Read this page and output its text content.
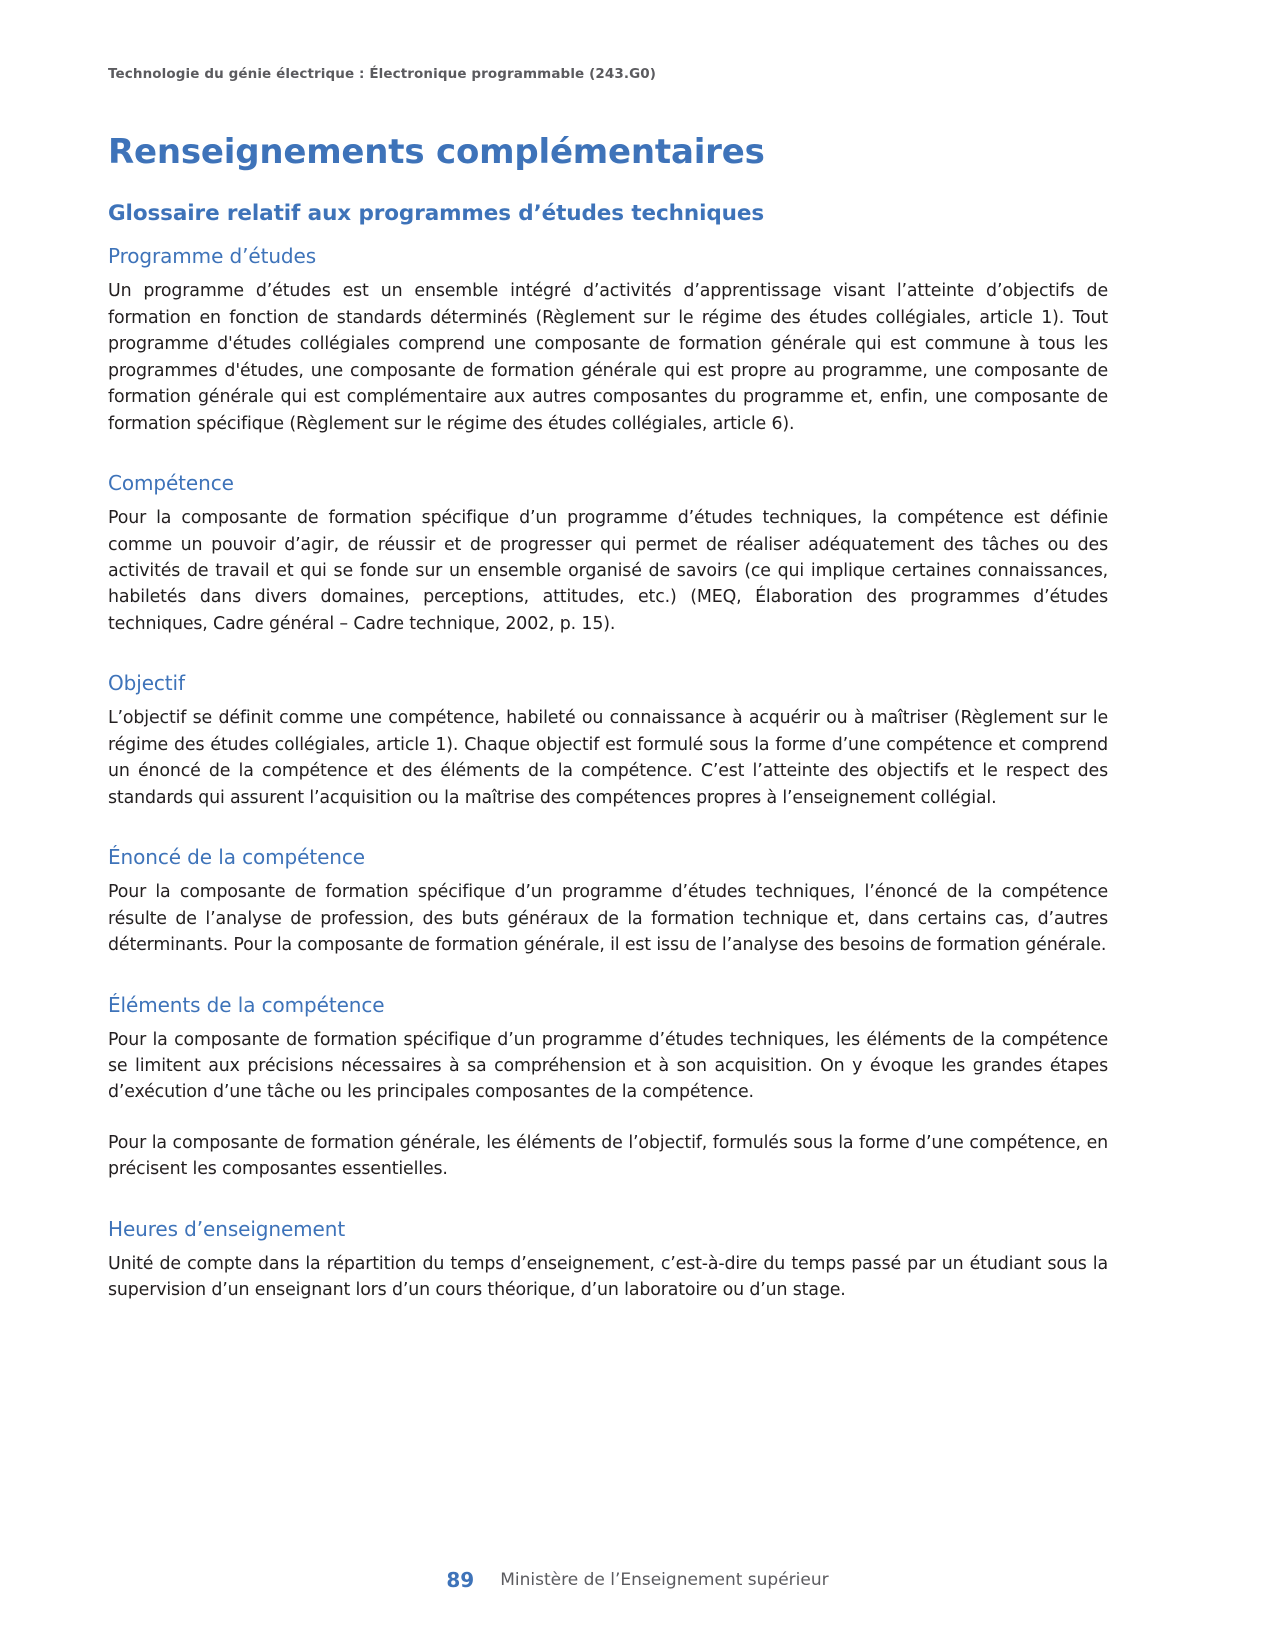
Technologie du génie électrique : Électronique programmable (243.G0)
Renseignements complémentaires
Glossaire relatif aux programmes d’études techniques
Programme d’études

Un programme d’études est un ensemble intégré d’activités d’apprentissage visant l’atteinte d’objectifs de formation en fonction de standards déterminés (Règlement sur le régime des études collégiales, article 1). Tout programme d'études collégiales comprend une composante de formation générale qui est commune à tous les programmes d'études, une composante de formation générale qui est propre au programme, une composante de formation générale qui est complémentaire aux autres composantes du programme et, enfin, une composante de formation spécifique (Règlement sur le régime des études collégiales, article 6).

Compétence

Pour la composante de formation spécifique d’un programme d’études techniques, la compétence est définie comme un pouvoir d’agir, de réussir et de progresser qui permet de réaliser adéquatement des tâches ou des activités de travail et qui se fonde sur un ensemble organisé de savoirs (ce qui implique certaines connaissances, habiletés dans divers domaines, perceptions, attitudes, etc.) (MEQ, Élaboration des programmes d’études techniques, Cadre général – Cadre technique, 2002, p. 15).

Objectif

L’objectif se définit comme une compétence, habileté ou connaissance à acquérir ou à maîtriser (Règlement sur le régime des études collégiales, article 1). Chaque objectif est formulé sous la forme d’une compétence et comprend un énoncé de la compétence et des éléments de la compétence. C’est l’atteinte des objectifs et le respect des standards qui assurent l’acquisition ou la maîtrise des compétences propres à l’enseignement collégial.

Énoncé de la compétence

Pour la composante de formation spécifique d’un programme d’études techniques, l’énoncé de la compétence résulte de l’analyse de profession, des buts généraux de la formation technique et, dans certains cas, d’autres déterminants. Pour la composante de formation générale, il est issu de l’analyse des besoins de formation générale.

Éléments de la compétence

Pour la composante de formation spécifique d’un programme d’études techniques, les éléments de la compétence se limitent aux précisions nécessaires à sa compréhension et à son acquisition. On y évoque les grandes étapes d’exécution d’une tâche ou les principales composantes de la compétence.

Pour la composante de formation générale, les éléments de l’objectif, formulés sous la forme d’une compétence, en précisent les composantes essentielles.

Heures d’enseignement

Unité de compte dans la répartition du temps d’enseignement, c’est-à-dire du temps passé par un étudiant sous la supervision d’un enseignant lors d’un cours théorique, d’un laboratoire ou d’un stage.

89 Ministère de l’Enseignement supérieur
